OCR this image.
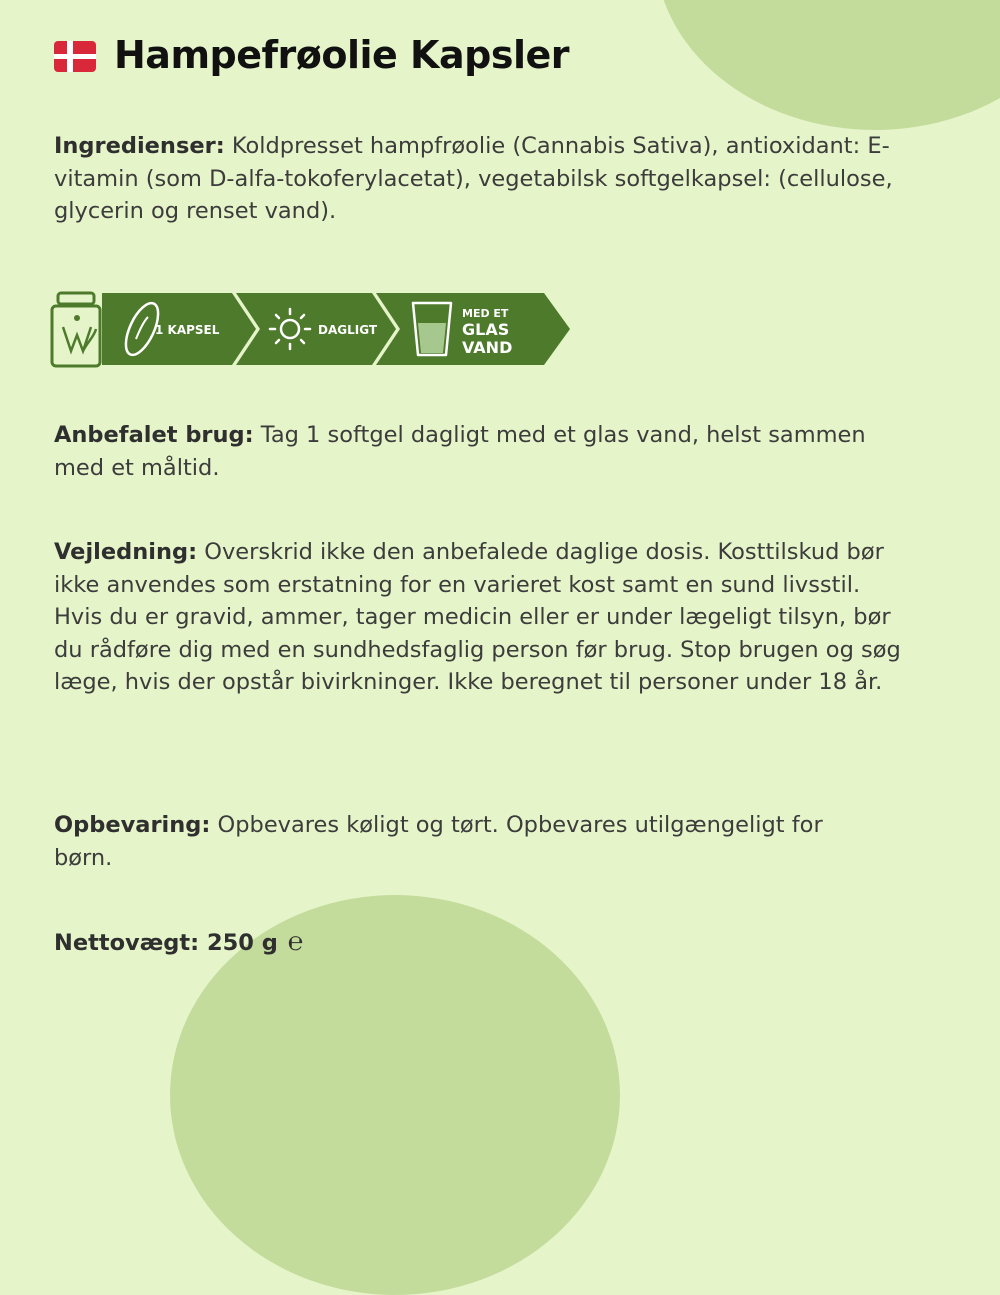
Hampefrøolie Kapsler

Ingredienser: Koldpresset hampfrøolie (Cannabis Sativa), antioxidant: E-vitamin (som D-alfa-tokoferylacetat), vegetabilsk softgelkapsel: (cellulose, glycerin og renset vand).

1 KAPSEL	DAGLIGT
MED ET
GLAS
VAND

Anbefalet brug: Tag 1 softgel dagligt med et glas vand, helst sammen med et måltid.

Vejledning: Overskrid ikke den anbefalede daglige dosis. Kosttilskud bør ikke anvendes som erstatning for en varieret kost samt en sund livsstil. Hvis du er gravid, ammer, tager medicin eller er under lægeligt tilsyn, bør du rådføre dig med en sundhedsfaglig person før brug. Stop brugen og søg læge, hvis der opstår bivirkninger. Ikke beregnet til personer under 18 år.

Opbevaring: Opbevares køligt og tørt. Opbevares utilgængeligt for børn.

Nettovægt: 250 g ℮
